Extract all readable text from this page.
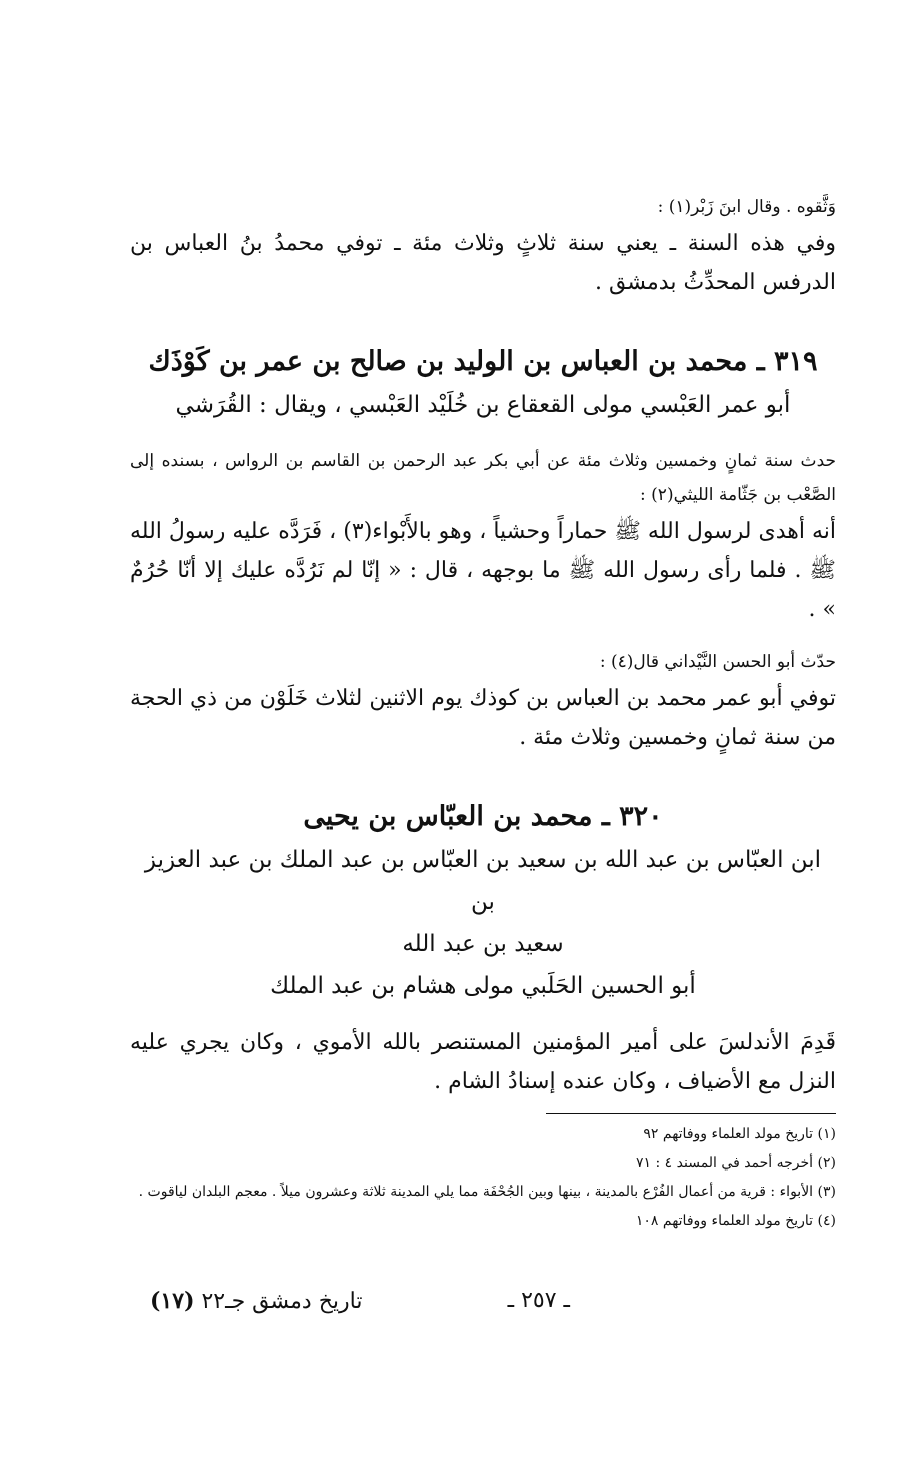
وَثَّقوه . وقال ابنَ زَبْر(١) :

وفي هذه السنة ـ يعني سنة ثلاثٍ وثلاث مئة ـ توفي محمدُ بنُ العباس بن الدرفس المحدِّثُ بدمشق .

٣١٩ ـ محمد بن العباس بن الوليد بن صالح بن عمر بن كَوْذَك

أبو عمر العَبْسي مولى القعقاع بن خُلَيْد العَبْسي ، ويقال : القُرَشي

حدث سنة ثمانٍ وخمسين وثلاث مئة عن أبي بكر عبد الرحمن بن القاسم بن الرواس ، بسنده إلى الصَّعْب بن جَثّامة الليثي(٢) :

أنه أهدى لرسول الله ﷺ حماراً وحشياً ، وهو بالأَبْواء(٣) ، فَرَدَّه عليه رسولُ الله ﷺ . فلما رأى رسول الله ﷺ ما بوجهه ، قال : « إنّا لم نَرُدَّه عليك إلا أنّا حُرُمٌ » .

حدّث أبو الحسن النَّيْداني قال(٤) :

توفي أبو عمر محمد بن العباس بن كوذك يوم الاثنين لثلاث خَلَوْن من ذي الحجة من سنة ثمانٍ وخمسين وثلاث مئة .

٣٢٠ ـ محمد بن العبّاس بن يحيى

ابن العبّاس بن عبد الله بن سعيد بن العبّاس بن عبد الملك بن عبد العزيز بن

سعيد بن عبد الله

أبو الحسين الحَلَبي مولى هشام بن عبد الملك

قَدِمَ الأندلسَ على أمير المؤمنين المستنصر بالله الأموي ، وكان يجري عليه النزل مع الأضياف ، وكان عنده إسنادُ الشام .

(١) تاريخ مولد العلماء ووفاتهم ٩٢

(٢) أخرجه أحمد في المسند ٤ : ٧١

(٣) الأبواء : قرية من أعمال الفُرْع بالمدينة ، بينها وبين الجُحْفَة مما يلي المدينة ثلاثة وعشرون ميلاً . معجم البلدان لياقوت .

(٤) تاريخ مولد العلماء ووفاتهم ١٠٨

ـ ٢٥٧ ـ
تاريخ دمشق جـ٢٢ (١٧)
